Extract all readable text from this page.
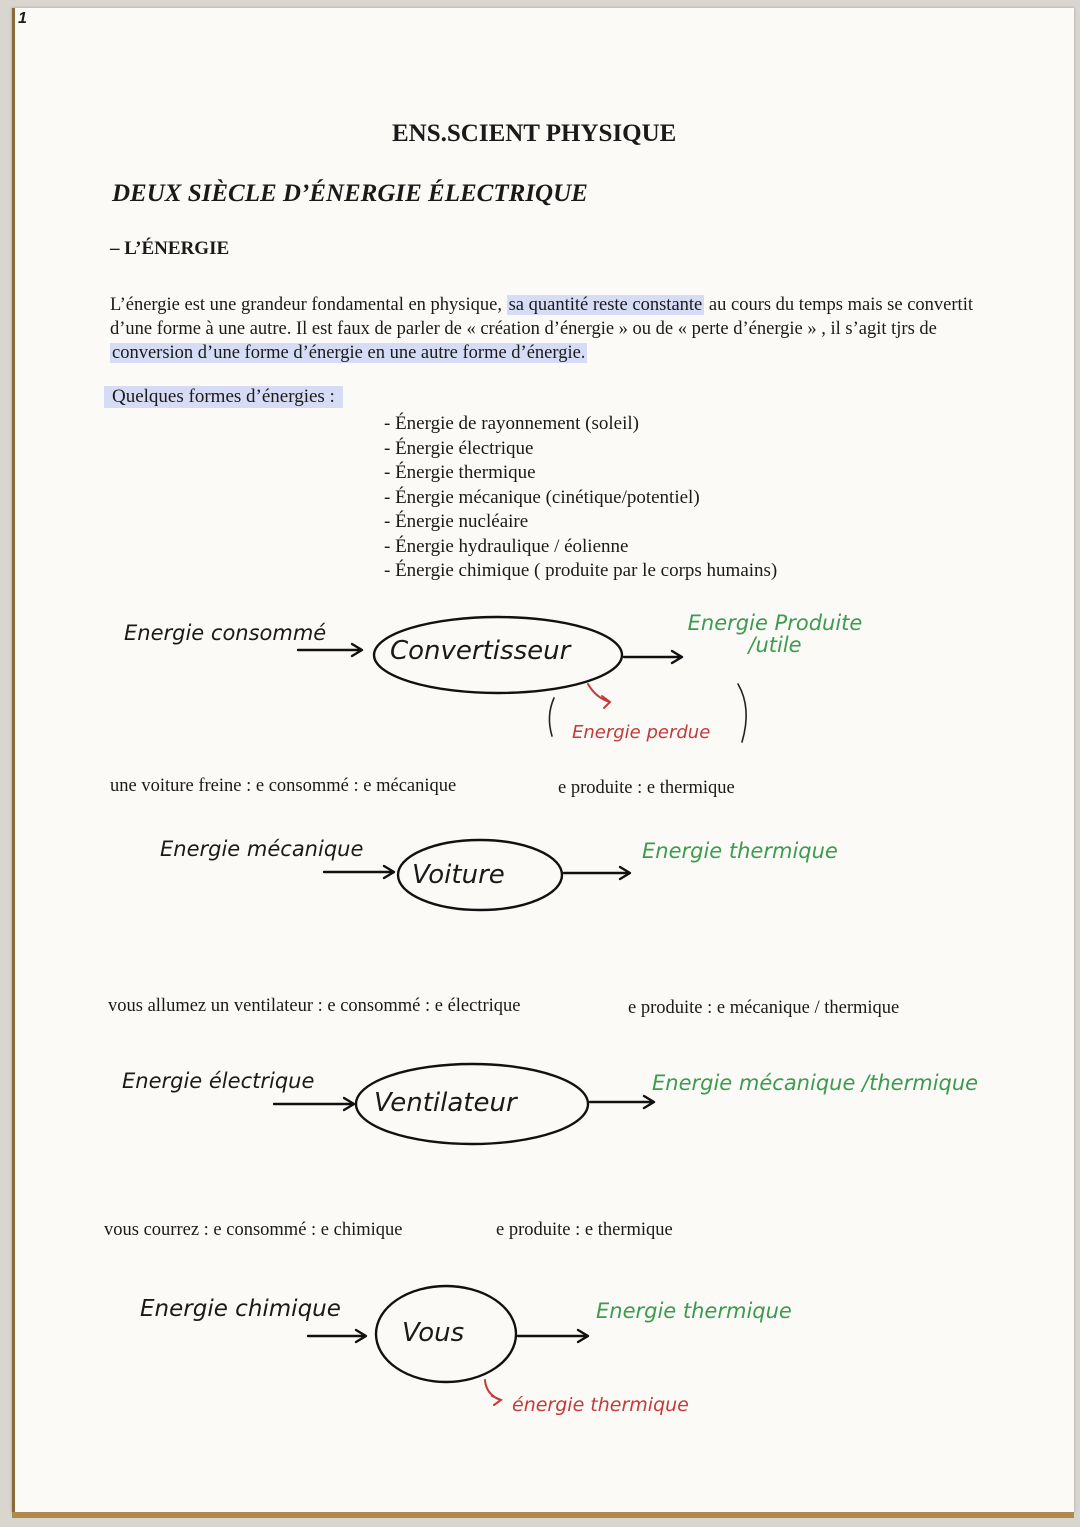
1
ENS.SCIENT PHYSIQUE
DEUX SIÈCLE D’ÉNERGIE ÉLECTRIQUE
– L’ÉNERGIE
L’énergie est une grandeur fondamental en physique, sa quantité reste constante au cours du temps mais se convertit d’une forme à une autre. Il est faux de parler de « création d’énergie » ou de « perte d’énergie » , il s’agit tjrs de conversion d’une forme d’énergie en une autre forme d’énergie.
Quelques formes d’énergies :
- Énergie de rayonnement (soleil)
- Énergie électrique
- Énergie thermique
- Énergie mécanique (cinétique/potentiel)
- Énergie nucléaire
- Énergie hydraulique / éolienne
- Énergie chimique ( produite par le corps humains)
Energie consommé
Convertisseur
Energie Produite /utile
Energie perdue
une voiture freine : e consommé : e mécanique	e produite : e thermique
Energie mécanique
Voiture
Energie thermique
vous allumez un ventilateur : e consommé : e électrique	e produite : e mécanique / thermique
Energie électrique
Ventilateur
Energie mécanique /thermique
vous courrez : e consommé : e chimique	e produite : e thermique
Energie chimique
Vous
Energie thermique
énergie thermique
